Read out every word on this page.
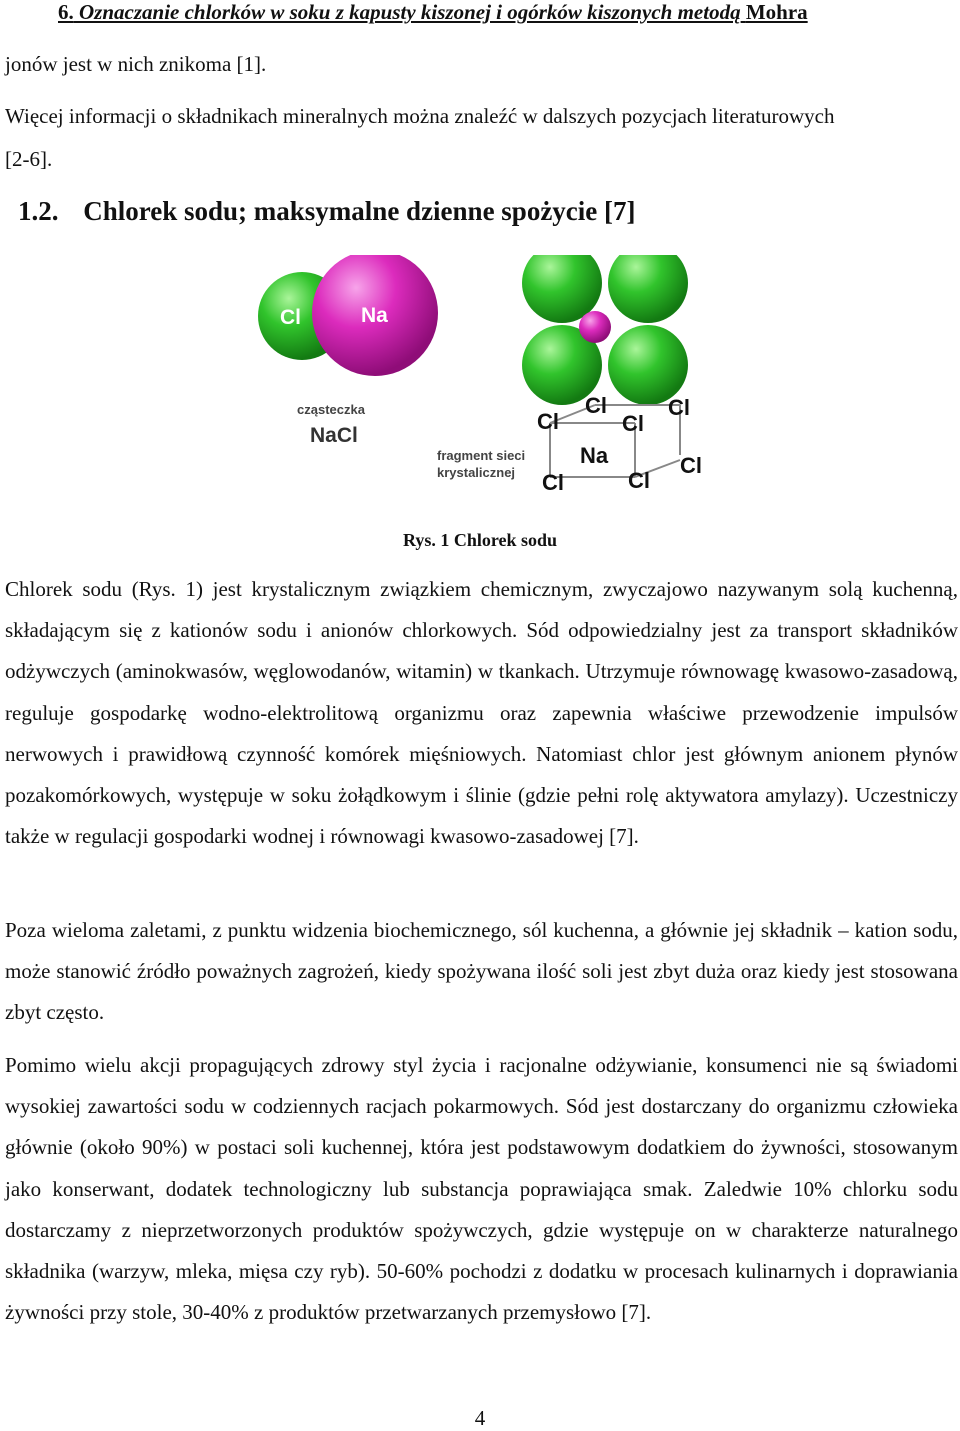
6. Oznaczanie chlorków w soku z kapusty kiszonej i ogórków kiszonych metodą Mohra
jonów jest w nich znikoma [1].
Więcej informacji o składnikach mineralnych można znaleźć w dalszych pozycjach literaturowych
[2-6].
1.2. Chlorek sodu; maksymalne dzienne spożycie [7]
Cl	Na
cząsteczka
NaCl
Cl
Cl	Cl
Cl
Na	Cl
Cl	Cl
fragment sieci
krystalicznej
Rys. 1 Chlorek sodu

Chlorek sodu (Rys. 1) jest krystalicznym związkiem chemicznym, zwyczajowo nazywanym solą kuchenną, składającym się z kationów sodu i anionów chlorkowych. Sód odpowiedzialny jest za transport składników odżywczych (aminokwasów, węglowodanów, witamin) w tkankach. Utrzymuje równowagę kwasowo-zasadową, reguluje gospodarkę wodno-elektrolitową organizmu oraz zapewnia właściwe przewodzenie impulsów nerwowych i prawidłową czynność komórek mięśniowych. Natomiast chlor jest głównym anionem płynów pozakomórkowych, występuje w soku żołądkowym i ślinie (gdzie pełni rolę aktywatora amylazy). Uczestniczy także w regulacji gospodarki wodnej i równowagi kwasowo-zasadowej [7].

Poza wieloma zaletami, z punktu widzenia biochemicznego, sól kuchenna, a głównie jej składnik – kation sodu, może stanowić źródło poważnych zagrożeń, kiedy spożywana ilość soli jest zbyt duża oraz kiedy jest stosowana zbyt często.

Pomimo wielu akcji propagujących zdrowy styl życia i racjonalne odżywianie, konsumenci nie są świadomi wysokiej zawartości sodu w codziennych racjach pokarmowych. Sód jest dostarczany do organizmu człowieka głównie (około 90%) w postaci soli kuchennej, która jest podstawowym dodatkiem do żywności, stosowanym jako konserwant, dodatek technologiczny lub substancja poprawiająca smak. Zaledwie 10% chlorku sodu dostarczamy z nieprzetworzonych produktów spożywczych, gdzie występuje on w charakterze naturalnego składnika (warzyw, mleka, mięsa czy ryb). 50-60% pochodzi z dodatku w procesach kulinarnych i doprawiania żywności przy stole, 30-40% z produktów przetwarzanych przemysłowo [7].

4
